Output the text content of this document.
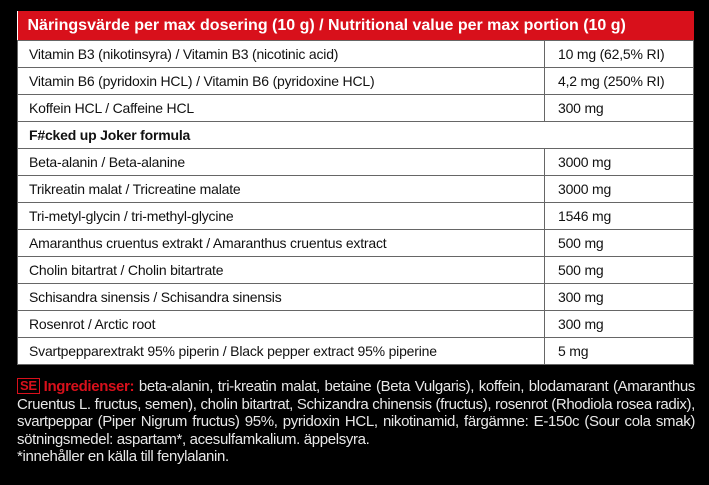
Näringsvärde per max dosering (10 g) / Nutritional value per max portion (10 g)	
Vitamin B3 (nikotinsyra) / Vitamin B3 (nicotinic acid)	10 mg (62,5% RI)
Vitamin B6 (pyridoxin HCL) / Vitamin B6 (pyridoxine HCL)	4,2 mg (250% RI)
Koffein HCL / Caffeine HCL	300 mg
F#cked up Joker formula	
Beta-alanin / Beta-alanine	3000 mg
Trikreatin malat / Tricreatine malate	3000 mg
Tri-metyl-glycin / tri-methyl-glycine	1546 mg
Amaranthus cruentus extrakt / Amaranthus cruentus extract	500 mg
Cholin bitartrat / Cholin bitartrate	500 mg
Schisandra sinensis / Schisandra sinensis	300 mg
Rosenrot / Arctic root	300 mg
Svartpepparextrakt 95% piperin / Black pepper extract 95% piperine	5 mg
SE Ingredienser: beta-alanin, tri-kreatin malat, betaine (Beta Vulgaris), koffein, blodamarant (Amaranthus Cruentus L. fructus, semen), cholin bitartrat, Schizandra chinensis (fructus), rosenrot (Rhodiola rosea radix), svartpeppar (Piper Nigrum fructus) 95%, pyridoxin HCL, nikotinamid, färgämne: E-150c (Sour cola smak) sötningsmedel: aspartam*, acesulfamkalium. äppelsyra.
*innehåller en källa till fenylalanin.
